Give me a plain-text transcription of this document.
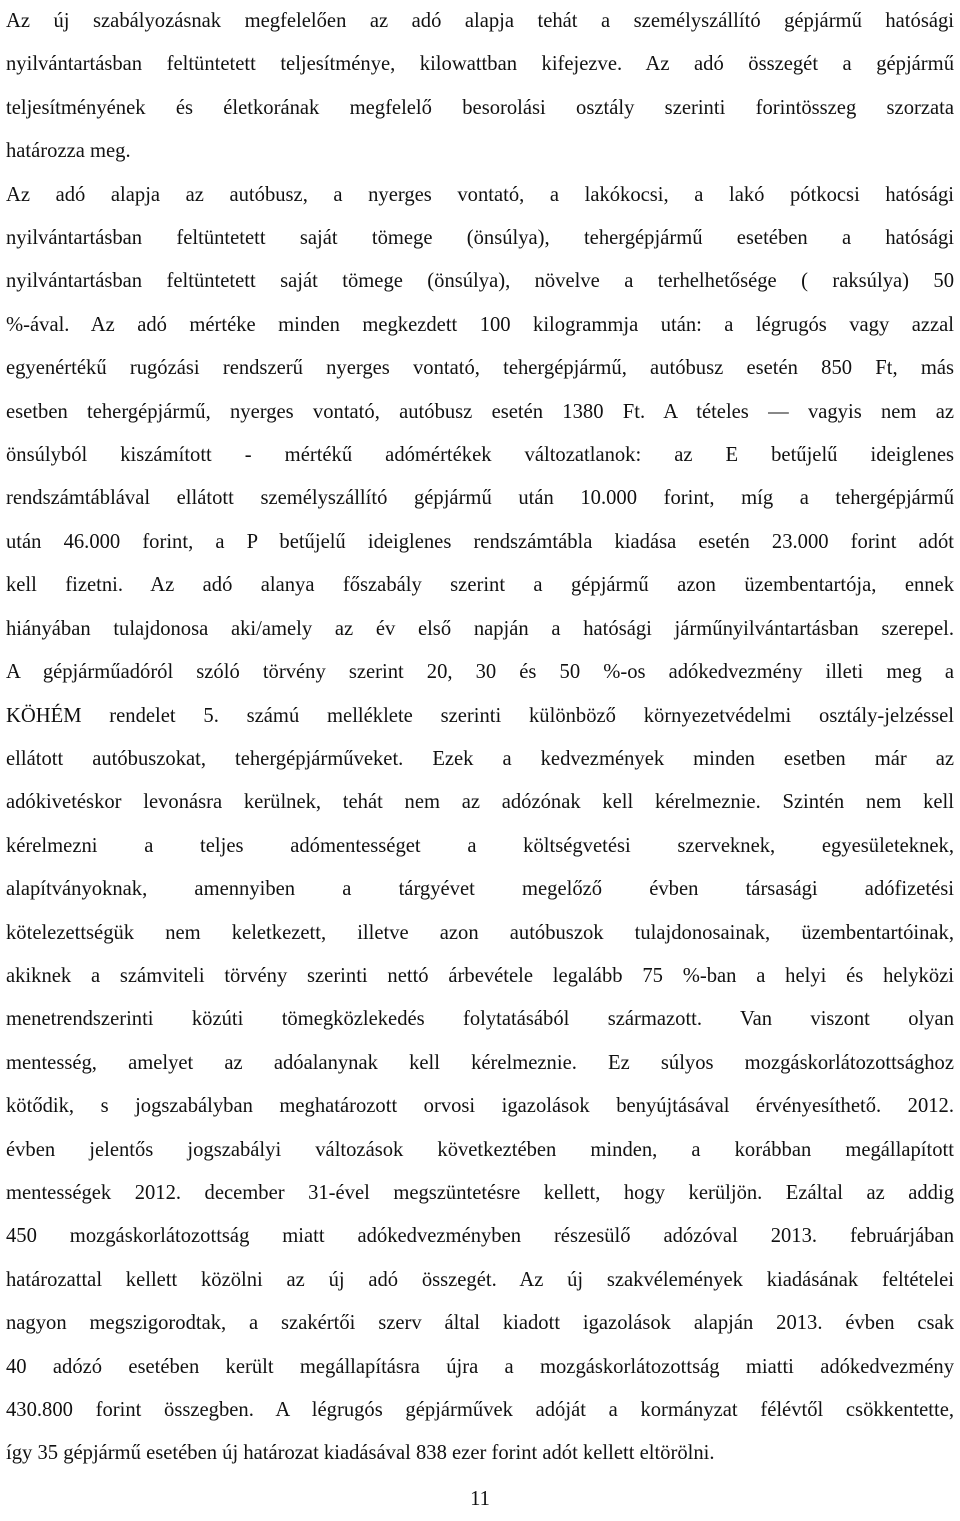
Az új szabályozásnak megfelelően az adó alapja tehát a személyszállító gépjármű hatósági
nyilvántartásban feltüntetett teljesítménye, kilowattban kifejezve. Az adó összegét a gépjármű
teljesítményének és életkorának megfelelő besorolási osztály szerinti forintösszeg szorzata
határozza meg.
Az adó alapja az autóbusz, a nyerges vontató, a lakókocsi, a lakó pótkocsi hatósági
nyilvántartásban feltüntetett saját tömege (önsúlya), tehergépjármű esetében a hatósági
nyilvántartásban feltüntetett saját tömege (önsúlya), növelve a terhelhetősége ( raksúlya) 50
%-ával. Az adó mértéke minden megkezdett 100 kilogrammja után: a légrugós vagy azzal
egyenértékű rugózási rendszerű nyerges vontató, tehergépjármű, autóbusz esetén 850 Ft, más
esetben tehergépjármű, nyerges vontató, autóbusz esetén 1380 Ft. A tételes — vagyis nem az
önsúlyból kiszámított - mértékű adómértékek változatlanok: az E betűjelű ideiglenes
rendszámtáblával ellátott személyszállító gépjármű után 10.000 forint, míg a tehergépjármű
után 46.000 forint, a P betűjelű ideiglenes rendszámtábla kiadása esetén 23.000 forint adót
kell fizetni. Az adó alanya főszabály szerint a gépjármű azon üzembentartója, ennek
hiányában tulajdonosa aki/amely az év első napján a hatósági járműnyilvántartásban szerepel.
A gépjárműadóról szóló törvény szerint 20, 30 és 50 %-os adókedvezmény illeti meg a
KÖHÉM rendelet 5. számú melléklete szerinti különböző környezetvédelmi osztály-jelzéssel
ellátott autóbuszokat, tehergépjárműveket. Ezek a kedvezmények minden esetben már az
adókivetéskor levonásra kerülnek, tehát nem az adózónak kell kérelmeznie. Szintén nem kell
kérelmezni a teljes adómentességet a költségvetési szerveknek, egyesületeknek,
alapítványoknak, amennyiben a tárgyévet megelőző évben társasági adófizetési
kötelezettségük nem keletkezett, illetve azon autóbuszok tulajdonosainak, üzembentartóinak,
akiknek a számviteli törvény szerinti nettó árbevétele legalább 75 %-ban a helyi és helyközi
menetrendszerinti közúti tömegközlekedés folytatásából származott. Van viszont olyan
mentesség, amelyet az adóalanynak kell kérelmeznie. Ez súlyos mozgáskorlátozottsághoz
kötődik, s jogszabályban meghatározott orvosi igazolások benyújtásával érvényesíthető. 2012.
évben jelentős jogszabályi változások következtében minden, a korábban megállapított
mentességek 2012. december 31-ével megszüntetésre kellett, hogy kerüljön. Ezáltal az addig
450 mozgáskorlátozottság miatt adókedvezményben részesülő adózóval 2013. februárjában
határozattal kellett közölni az új adó összegét. Az új szakvélemények kiadásának feltételei
nagyon megszigorodtak, a szakértői szerv által kiadott igazolások alapján 2013. évben csak
40 adózó esetében került megállapításra újra a mozgáskorlátozottság miatti adókedvezmény
430.800 forint összegben. A légrugós gépjárművek adóját a kormányzat félévtől csökkentette,
így 35 gépjármű esetében új határozat kiadásával 838 ezer forint adót kellett eltörölni.
11
